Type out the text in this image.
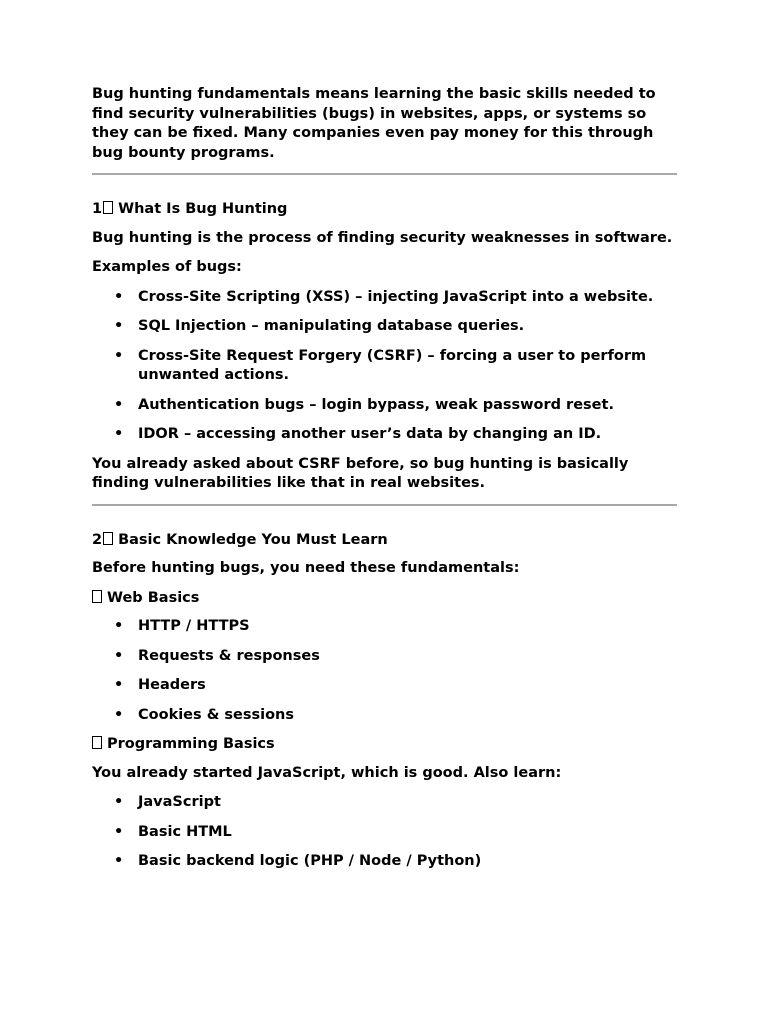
Bug hunting fundamentals means learning the basic skills needed to find security vulnerabilities (bugs) in websites, apps, or systems so they can be fixed. Many companies even pay money for this through bug bounty programs.

1 What Is Bug Hunting

Bug hunting is the process of finding security weaknesses in software.

Examples of bugs:

• Cross-Site Scripting (XSS) – injecting JavaScript into a website.
• SQL Injection – manipulating database queries.
• Cross-Site Request Forgery (CSRF) – forcing a user to perform unwanted actions.
• Authentication bugs – login bypass, weak password reset.
• IDOR – accessing another user’s data by changing an ID.

You already asked about CSRF before, so bug hunting is basically finding vulnerabilities like that in real websites.

2 Basic Knowledge You Must Learn

Before hunting bugs, you need these fundamentals:

Web Basics

• HTTP / HTTPS
• Requests & responses
• Headers
• Cookies & sessions

Programming Basics

You already started JavaScript, which is good. Also learn:

• JavaScript
• Basic HTML
• Basic backend logic (PHP / Node / Python)
